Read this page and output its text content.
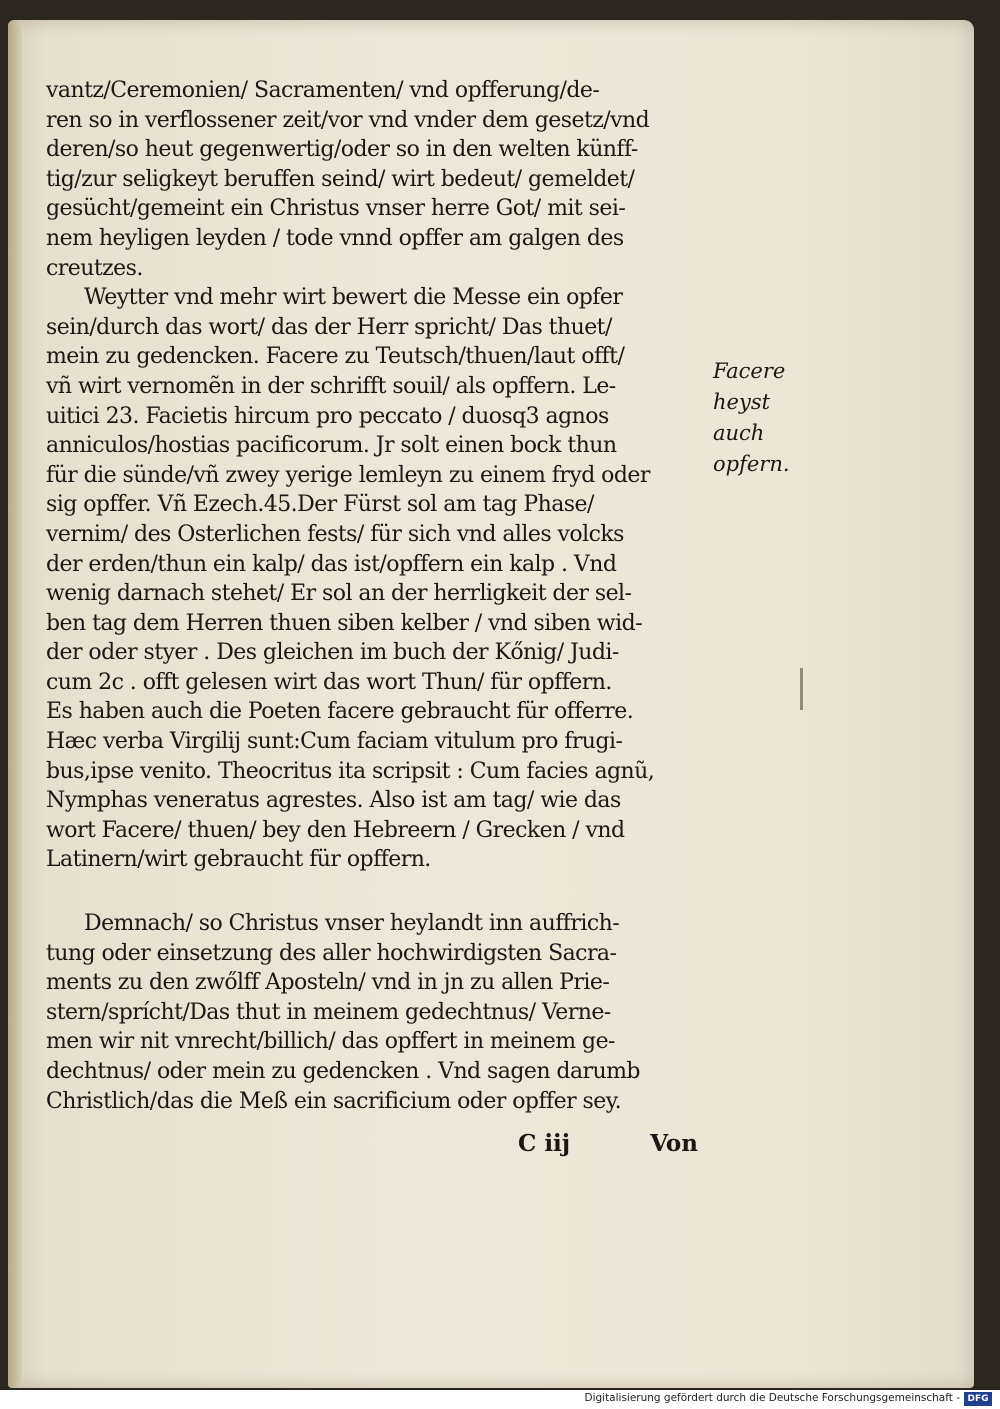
vantz/Ceremonien/ Sacramenten/ vnd opfferung/de-
ren so in verflossener zeit/vor vnd vnder dem gesetz/vnd
deren/so heut gegenwertig/oder so in den welten künff-
tig/zur seligkeyt beruffen seind/ wirt bedeut/ gemeldet/
gesücht/gemeint ein Christus vnser herre Got/ mit sei-
nem heyligen leyden / tode vnnd opffer am galgen des
creutzes.
Weytter vnd mehr wirt bewert die Messe ein opfer
sein/durch das wort/ das der Herr spricht/ Das thuet/
mein zu gedencken. Facere zu Teutsch/thuen/laut offt/
vñ wirt vernomẽn in der schrifft souil/ als opffern. Le-
uitici 23. Facietis hircum pro peccato / duosq3 agnos
anniculos/hostias pacificorum. Jr solt einen bock thun
für die sünde/vñ zwey yerige lemleyn zu einem fryd oder
sig opffer. Vñ Ezech.45.Der Fürst sol am tag Phase/
vernim/ des Osterlichen fests/ für sich vnd alles volcks
der erden/thun ein kalp/ das ist/opffern ein kalp . Vnd
wenig darnach stehet/ Er sol an der herrligkeit der sel-
ben tag dem Herren thuen siben kelber / vnd siben wid-
der oder styer . Des gleichen im buch der Kőnig/ Judi-
cum 2c . offt gelesen wirt das wort Thun/ für opffern.
Es haben auch die Poeten facere gebraucht für offerre.
Hæc verba Virgilij sunt:Cum faciam vitulum pro frugi-
bus,ipse venito. Theocritus ita scripsit : Cum facies agnũ,
Nymphas veneratus agrestes. Also ist am tag/ wie das
wort Facere/ thuen/ bey den Hebreern / Grecken / vnd
Latinern/wirt gebraucht für opffern.
Demnach/ so Christus vnser heylandt inn auffrich-
tung oder einsetzung des aller hochwirdigsten Sacra-
ments zu den zwőlff Aposteln/ vnd in jn zu allen Prie-
stern/sprícht/Das thut in meinem gedechtnus/ Verne-
men wir nit vnrecht/billich/ das opffert in meinem ge-
dechtnus/ oder mein zu gedencken . Vnd sagen darumb
Christlich/das die Meß ein sacrificium oder opffer sey.
C iij	Von
Facere
heyst
auch
opfern.
Digitalisierung gefördert durch die Deutsche Forschungsgemeinschaft - DFG
